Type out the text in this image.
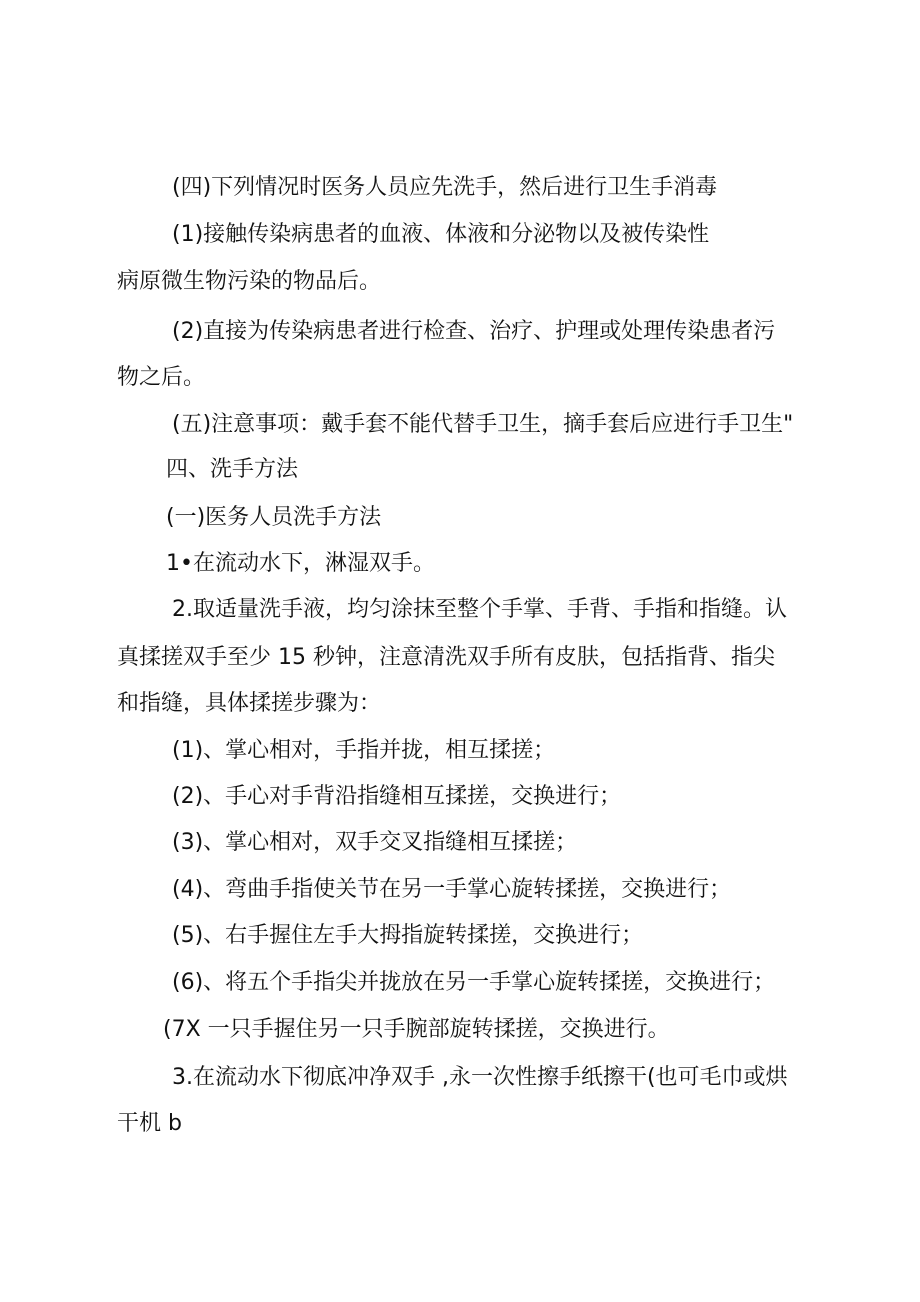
(四)下列情况时医务人员应先洗手，然后进行卫生手消毒
(1)接触传染病患者的血液、体液和分泌物以及被传染性
病原微生物污染的物品后。
(2)直接为传染病患者进行检查、治疗、护理或处理传染患者污
物之后。
(五)注意事项：戴手套不能代替手卫生，摘手套后应进行手卫生"
四、洗手方法
(一)医务人员洗手方法
1•在流动水下，淋湿双手。
2.取适量洗手液，均匀涂抹至整个手掌、手背、手指和指缝。认
真揉搓双手至少 15 秒钟，注意清洗双手所有皮肤，包括指背、指尖
和指缝，具体揉搓步骤为：
(1)、掌心相对，手指并拢，相互揉搓；
(2)、手心对手背沿指缝相互揉搓，交换进行；
(3)、掌心相对，双手交叉指缝相互揉搓；
(4)、弯曲手指使关节在另一手掌心旋转揉搓，交换进行；
(5)、右手握住左手大拇指旋转揉搓，交换进行；
(6)、将五个手指尖并拢放在另一手掌心旋转揉搓，交换进行；
(7X 一只手握住另一只手腕部旋转揉搓，交换进行。
3.在流动水下彻底冲净双手 ,永一次性擦手纸擦干(也可毛巾或烘
干机 b
